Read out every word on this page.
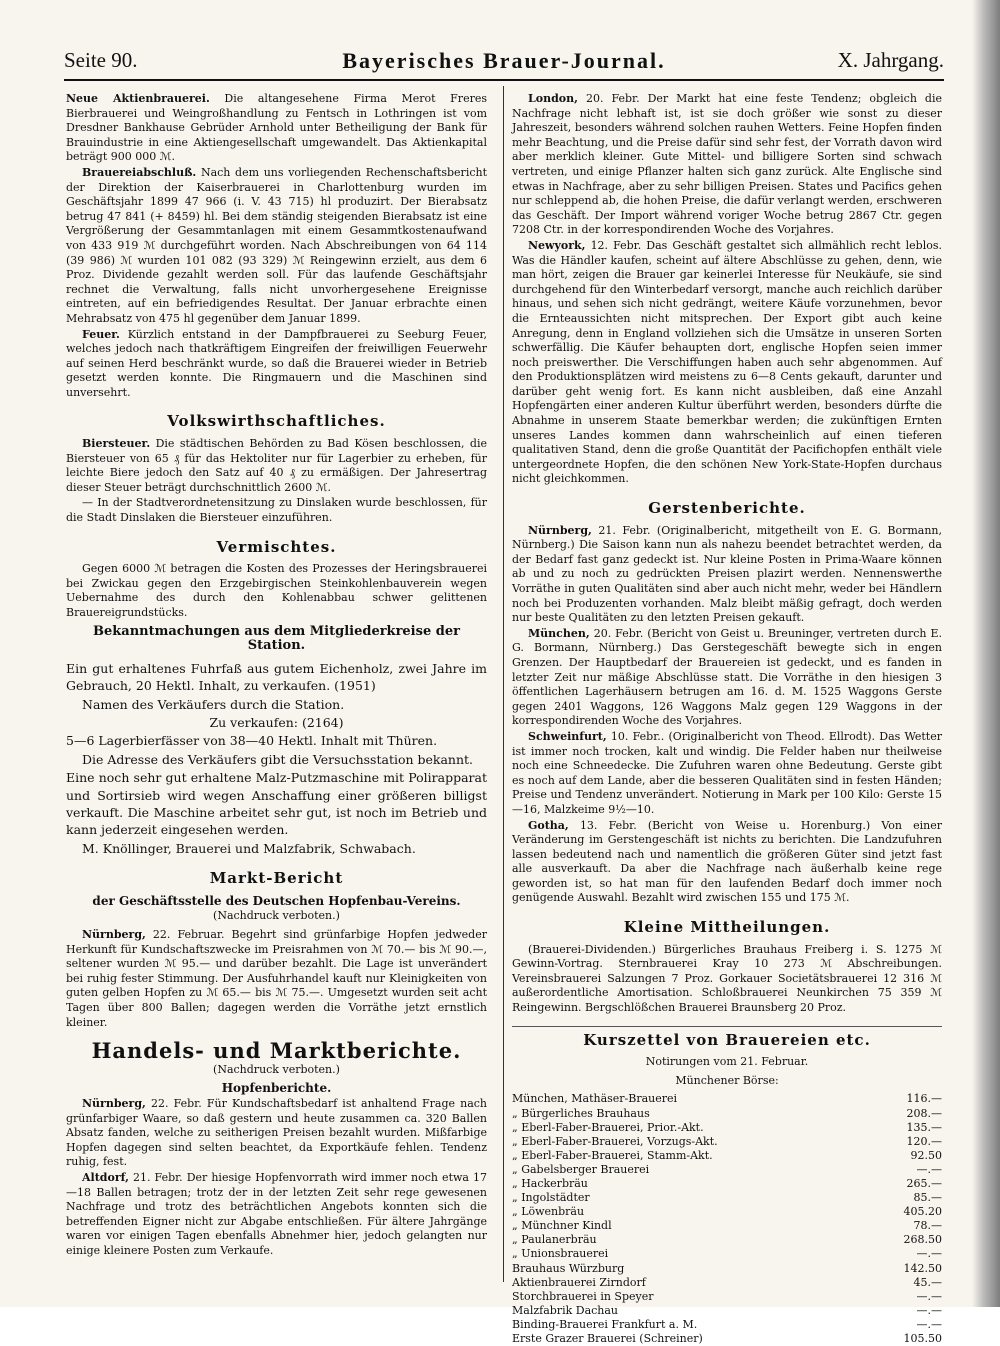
Seite 90.	Bayerisches Brauer-Journal.	X. Jahrgang.

Neue Aktienbrauerei. Die altangesehene Firma Merot Freres Bierbrauerei und Weingroßhandlung zu Fentsch in Lothringen ist vom Dresdner Bankhause Gebrüder Arnhold unter Betheiligung der Bank für Brauindustrie in eine Aktiengesellschaft umgewandelt. Das Aktienkapital beträgt 900 000 ℳ.

Brauereiabschluß. Nach dem uns vorliegenden Rechenschaftsbericht der Direktion der Kaiserbrauerei in Charlottenburg wurden im Geschäftsjahr 1899 47 966 (i. V. 43 715) hl produzirt. Der Bierabsatz betrug 47 841 (+ 8459) hl. Bei dem ständig steigenden Bierabsatz ist eine Vergrößerung der Gesammtanlagen mit einem Gesammtkostenaufwand von 433 919 ℳ durchgeführt worden. Nach Abschreibungen von 64 114 (39 986) ℳ wurden 101 082 (93 329) ℳ Reingewinn erzielt, aus dem 6 Proz. Dividende gezahlt werden soll. Für das laufende Geschäftsjahr rechnet die Verwaltung, falls nicht unvorhergesehene Ereignisse eintreten, auf ein befriedigendes Resultat. Der Januar erbrachte einen Mehrabsatz von 475 hl gegenüber dem Januar 1899.

Feuer. Kürzlich entstand in der Dampfbrauerei zu Seeburg Feuer, welches jedoch nach thatkräftigem Eingreifen der freiwilligen Feuerwehr auf seinen Herd beschränkt wurde, so daß die Brauerei wieder in Betrieb gesetzt werden konnte. Die Ringmauern und die Maschinen sind unversehrt.

Volkswirthschaftliches.

Biersteuer. Die städtischen Behörden zu Bad Kösen beschlossen, die Biersteuer von 65 ₰ für das Hektoliter nur für Lagerbier zu erheben, für leichte Biere jedoch den Satz auf 40 ₰ zu ermäßigen. Der Jahresertrag dieser Steuer beträgt durchschnittlich 2600 ℳ.

— In der Stadtverordnetensitzung zu Dinslaken wurde beschlossen, für die Stadt Dinslaken die Biersteuer einzuführen.

Vermischtes.

Gegen 6000 ℳ betragen die Kosten des Prozesses der Heringsbrauerei bei Zwickau gegen den Erzgebirgischen Steinkohlenbauverein wegen Uebernahme des durch den Kohlenabbau schwer gelittenen Brauereigrundstücks.

Bekanntmachungen aus dem Mitgliederkreise der Station.

Ein gut erhaltenes Fuhrfaß aus gutem Eichenholz, zwei Jahre im Gebrauch, 20 Hektl. Inhalt, zu verkaufen. (1951)

Namen des Verkäufers durch die Station.

Zu verkaufen: (2164)

5—6 Lagerbierfässer von 38—40 Hektl. Inhalt mit Thüren.

Die Adresse des Verkäufers gibt die Versuchsstation bekannt.

Eine noch sehr gut erhaltene Malz-Putzmaschine mit Polirapparat und Sortirsieb wird wegen Anschaffung einer größeren billigst verkauft. Die Maschine arbeitet sehr gut, ist noch im Betrieb und kann jederzeit eingesehen werden.

M. Knöllinger, Brauerei und Malzfabrik, Schwabach.

Markt-Bericht
der Geschäftsstelle des Deutschen Hopfenbau-Vereins.
(Nachdruck verboten.)

Nürnberg, 22. Februar. Begehrt sind grünfarbige Hopfen jedweder Herkunft für Kundschaftszwecke im Preisrahmen von ℳ 70.— bis ℳ 90.—, seltener wurden ℳ 95.— und darüber bezahlt. Die Lage ist unverändert bei ruhig fester Stimmung. Der Ausfuhrhandel kauft nur Kleinigkeiten von guten gelben Hopfen zu ℳ 65.— bis ℳ 75.—. Umgesetzt wurden seit acht Tagen über 800 Ballen; dagegen werden die Vorräthe jetzt ernstlich kleiner.

Handels- und Marktberichte.
(Nachdruck verboten.)
Hopfenberichte.

Nürnberg, 22. Febr. Für Kundschaftsbedarf ist anhaltend Frage nach grünfarbiger Waare, so daß gestern und heute zusammen ca. 320 Ballen Absatz fanden, welche zu seitherigen Preisen bezahlt wurden. Mißfarbige Hopfen dagegen sind selten beachtet, da Exportkäufe fehlen. Tendenz ruhig, fest.

Altdorf, 21. Febr. Der hiesige Hopfenvorrath wird immer noch etwa 17—18 Ballen betragen; trotz der in der letzten Zeit sehr rege gewesenen Nachfrage und trotz des beträchtlichen Angebots konnten sich die betreffenden Eigner nicht zur Abgabe entschließen. Für ältere Jahrgänge waren vor einigen Tagen ebenfalls Abnehmer hier, jedoch gelangten nur einige kleinere Posten zum Verkaufe.

London, 20. Febr. Der Markt hat eine feste Tendenz; obgleich die Nachfrage nicht lebhaft ist, ist sie doch größer wie sonst zu dieser Jahreszeit, besonders während solchen rauhen Wetters. Feine Hopfen finden mehr Beachtung, und die Preise dafür sind sehr fest, der Vorrath davon wird aber merklich kleiner. Gute Mittel- und billigere Sorten sind schwach vertreten, und einige Pflanzer halten sich ganz zurück. Alte Englische sind etwas in Nachfrage, aber zu sehr billigen Preisen. States und Pacifics gehen nur schleppend ab, die hohen Preise, die dafür verlangt werden, erschweren das Geschäft. Der Import während voriger Woche betrug 2867 Ctr. gegen 7208 Ctr. in der korrespondirenden Woche des Vorjahres.

Newyork, 12. Febr. Das Geschäft gestaltet sich allmählich recht leblos. Was die Händler kaufen, scheint auf ältere Abschlüsse zu gehen, denn, wie man hört, zeigen die Brauer gar keinerlei Interesse für Neukäufe, sie sind durchgehend für den Winterbedarf versorgt, manche auch reichlich darüber hinaus, und sehen sich nicht gedrängt, weitere Käufe vorzunehmen, bevor die Ernteaussichten nicht mitsprechen. Der Export gibt auch keine Anregung, denn in England vollziehen sich die Umsätze in unseren Sorten schwerfällig. Die Käufer behaupten dort, englische Hopfen seien immer noch preiswerther. Die Verschiffungen haben auch sehr abgenommen. Auf den Produktionsplätzen wird meistens zu 6—8 Cents gekauft, darunter und darüber geht wenig fort. Es kann nicht ausbleiben, daß eine Anzahl Hopfengärten einer anderen Kultur überführt werden, besonders dürfte die Abnahme in unserem Staate bemerkbar werden; die zukünftigen Ernten unseres Landes kommen dann wahrscheinlich auf einen tieferen qualitativen Stand, denn die große Quantität der Pacifichopfen enthält viele untergeordnete Hopfen, die den schönen New York-State-Hopfen durchaus nicht gleichkommen.

Gerstenberichte.

Nürnberg, 21. Febr. (Originalbericht, mitgetheilt von E. G. Bormann, Nürnberg.) Die Saison kann nun als nahezu beendet betrachtet werden, da der Bedarf fast ganz gedeckt ist. Nur kleine Posten in Prima-Waare können ab und zu noch zu gedrückten Preisen plazirt werden. Nennenswerthe Vorräthe in guten Qualitäten sind aber auch nicht mehr, weder bei Händlern noch bei Produzenten vorhanden. Malz bleibt mäßig gefragt, doch werden nur beste Qualitäten zu den letzten Preisen gekauft.

München, 20. Febr. (Bericht von Geist u. Breuninger, vertreten durch E. G. Bormann, Nürnberg.) Das Gerstegeschäft bewegte sich in engen Grenzen. Der Hauptbedarf der Brauereien ist gedeckt, und es fanden in letzter Zeit nur mäßige Abschlüsse statt. Die Vorräthe in den hiesigen 3 öffentlichen Lagerhäusern betrugen am 16. d. M. 1525 Waggons Gerste gegen 2401 Waggons, 126 Waggons Malz gegen 129 Waggons in der korrespondirenden Woche des Vorjahres.

Schweinfurt, 10. Febr.. (Originalbericht von Theod. Ellrodt). Das Wetter ist immer noch trocken, kalt und windig. Die Felder haben nur theilweise noch eine Schneedecke. Die Zufuhren waren ohne Bedeutung. Gerste gibt es noch auf dem Lande, aber die besseren Qualitäten sind in festen Händen; Preise und Tendenz unverändert. Notierung in Mark per 100 Kilo: Gerste 15—16, Malzkeime 9½—10.

Gotha, 13. Febr. (Bericht von Weise u. Horenburg.) Von einer Veränderung im Gerstengeschäft ist nichts zu berichten. Die Landzufuhren lassen bedeutend nach und namentlich die größeren Güter sind jetzt fast alle ausverkauft. Da aber die Nachfrage nach äußerhalb keine rege geworden ist, so hat man für den laufenden Bedarf doch immer noch genügende Auswahl. Bezahlt wird zwischen 155 und 175 ℳ.

Kleine Mittheilungen.

(Brauerei-Dividenden.) Bürgerliches Brauhaus Freiberg i. S. 1275 ℳ Gewinn-Vortrag. Sternbrauerei Kray 10 273 ℳ Abschreibungen. Vereinsbrauerei Salzungen 7 Proz. Gorkauer Societätsbrauerei 12 316 ℳ außerordentliche Amortisation. Schloßbrauerei Neunkirchen 75 359 ℳ Reingewinn. Bergschlößchen Brauerei Braunsberg 20 Proz.

Kurszettel von Brauereien etc.
Notirungen vom 21. Februar.
Münchener Börse:
München, Mathäser-Brauerei	116.—
„ Bürgerliches Brauhaus	208.—
„ Eberl-Faber-Brauerei, Prior.-Akt.	135.—
„ Eberl-Faber-Brauerei, Vorzugs-Akt.	120.—
„ Eberl-Faber-Brauerei, Stamm-Akt.	92.50
„ Gabelsberger Brauerei	—.—
„ Hackerbräu	265.—
„ Ingolstädter	85.—
„ Löwenbräu	405.20
„ Münchner Kindl	78.—
„ Paulanerbräu	268.50
„ Unionsbrauerei	—.—
Brauhaus Würzburg	142.50
Aktienbrauerei Zirndorf	45.—
Storchbrauerei in Speyer	—.—
Malzfabrik Dachau	—.—
Binding-Brauerei Frankfurt a. M.	—.—
Erste Grazer Brauerei (Schreiner)	105.50
